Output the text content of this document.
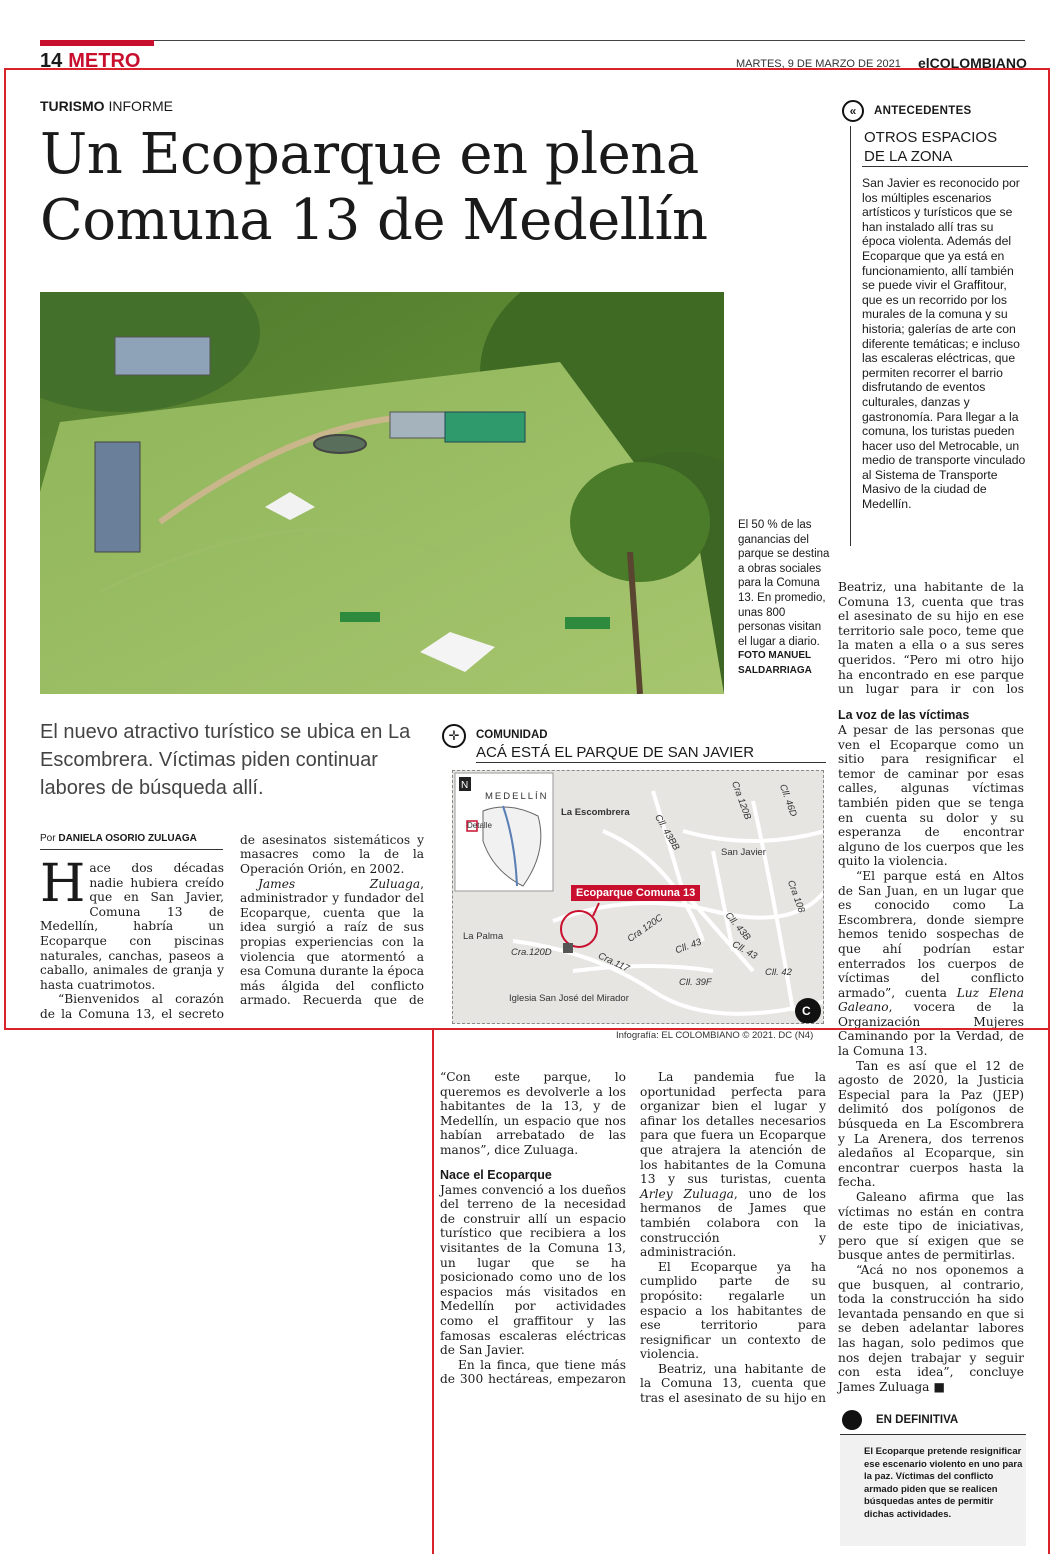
14 METRO	MARTES, 9 DE MARZO DE 2021 elCOLOMBIANO
TURISMO INFORME
Un Ecoparque en plena
Comuna 13 de Medellín
El 50 % de las ganancias del parque se destina a obras sociales para la Comuna 13. En promedio, unas 800 personas visitan el lugar a diario.
FOTO MANUEL SALDARRIAGA
«	ANTECEDENTES
OTROS ESPACIOS
DE LA ZONA
San Javier es reconocido por los múltiples escenarios artísticos y turísticos que se han instalado allí tras su época violenta. Además del Ecoparque que ya está en funcionamiento, allí también se puede vivir el Graffitour, que es un recorrido por los murales de la comuna y su historia; galerías de arte con diferente temáticas; e incluso las escaleras eléctricas, que permiten recorrer el barrio disfrutando de eventos culturales, danzas y gastronomía. Para llegar a la comuna, los turistas pueden hacer uso del Metrocable, un medio de transporte vinculado al Sistema de Transporte Masivo de la ciudad de Medellín.
El nuevo atractivo turístico se ubica en La Escombrera. Víctimas piden continuar labores de búsqueda allí.
Por DANIELA OSORIO ZULUAGA

Hace dos décadas nadie hubiera creído que en San Javier, Comuna 13 de Medellín, habría un Ecoparque con piscinas naturales, canchas, paseos a caballo, animales de granja y hasta cuatrimotos.

“Bienvenidos al corazón de la Comuna 13, el secreto

de asesinatos sistemáticos y masacres como la de la Operación Orión, en 2002.

James Zuluaga, administrador y fundador del Ecoparque, cuenta que la idea surgió a raíz de sus propias experiencias con la violencia que atormentó a esa Comuna durante la época más álgida del conflicto armado. Recuerda que de

✛	COMUNIDAD
ACÁ ESTÁ EL PARQUE DE SAN JAVIER
N
MEDELLÍN
Detalle
La Escombrera
San Javier
La Palma
Iglesia San José del Mirador
Ecoparque Comuna 13
Cra 120B	Cll. 46D
Cll. 43BB
Cra 108
Cra 120C	Cll. 43B
Cll. 43	Cll. 43
Cra.120D	Cra.117	Cll. 42
Cll. 39F
C
Infografía: EL COLOMBIANO © 2021. DC (N4)

Beatriz, una habitante de la Comuna 13, cuenta que tras el asesinato de su hijo en ese territorio sale poco, teme que la maten a ella o a sus seres queridos. “Pero mi otro hijo ha encontrado en ese parque un lugar para ir con los

La voz de las víctimas

A pesar de las personas que ven el Ecoparque como un sitio para resignificar el temor de caminar por esas calles, algunas víctimas también piden que se tenga en cuenta su dolor y su esperanza de encontrar alguno de los cuerpos que les quito la violencia.

“El parque está en Altos de San Juan, en un lugar que es conocido como La Escombrera, donde siempre hemos tenido sospechas de que ahí podrían estar enterrados los cuerpos de víctimas del conflicto armado”, cuenta Luz Elena Galeano, vocera de la Organización Mujeres Caminando por la Verdad, de la Comuna 13.

Tan es así que el 12 de agosto de 2020, la Justicia Especial para la Paz (JEP) delimitó dos polígonos de búsqueda en La Escombrera y La Arenera, dos terrenos aledaños al Ecoparque, sin encontrar cuerpos hasta la fecha.

Galeano afirma que las víctimas no están en contra de este tipo de iniciativas, pero que sí exigen que se busque antes de permitirlas.

“Acá no nos oponemos a que busquen, al contrario, toda la construcción ha sido levantada pensando en que si se deben adelantar labores las hagan, solo pedimos que nos dejen trabajar y seguir con esta idea”, concluye James Zuluaga ■

“Con este parque, lo queremos es devolverle a los habitantes de la 13, y de Medellín, un espacio que nos habían arrebatado de las manos”, dice Zuluaga.

Nace el Ecoparque

James convenció a los dueños del terreno de la necesidad de construir allí un espacio turístico que recibiera a los visitantes de la Comuna 13, un lugar que se ha posicionado como uno de los espacios más visitados en Medellín por actividades como el graffitour y las famosas escaleras eléctricas de San Javier.

En la finca, que tiene más de 300 hectáreas, empezaron

La pandemia fue la oportunidad perfecta para organizar bien el lugar y afinar los detalles necesarios para que fuera un Ecoparque que atrajera la atención de los habitantes de la Comuna 13 y sus turistas, cuenta Arley Zuluaga, uno de los hermanos de James que también colabora con la construcción y administración.

El Ecoparque ya ha cumplido parte de su propósito: regalarle un espacio a los habitantes de ese territorio para resignificar un contexto de violencia.

Beatriz, una habitante de la Comuna 13, cuenta que tras el asesinato de su hijo en

EN DEFINITIVA
El Ecoparque pretende resignificar ese escenario violento en uno para la paz. Víctimas del conflicto armado piden que se realicen búsquedas antes de permitir dichas actividades.
